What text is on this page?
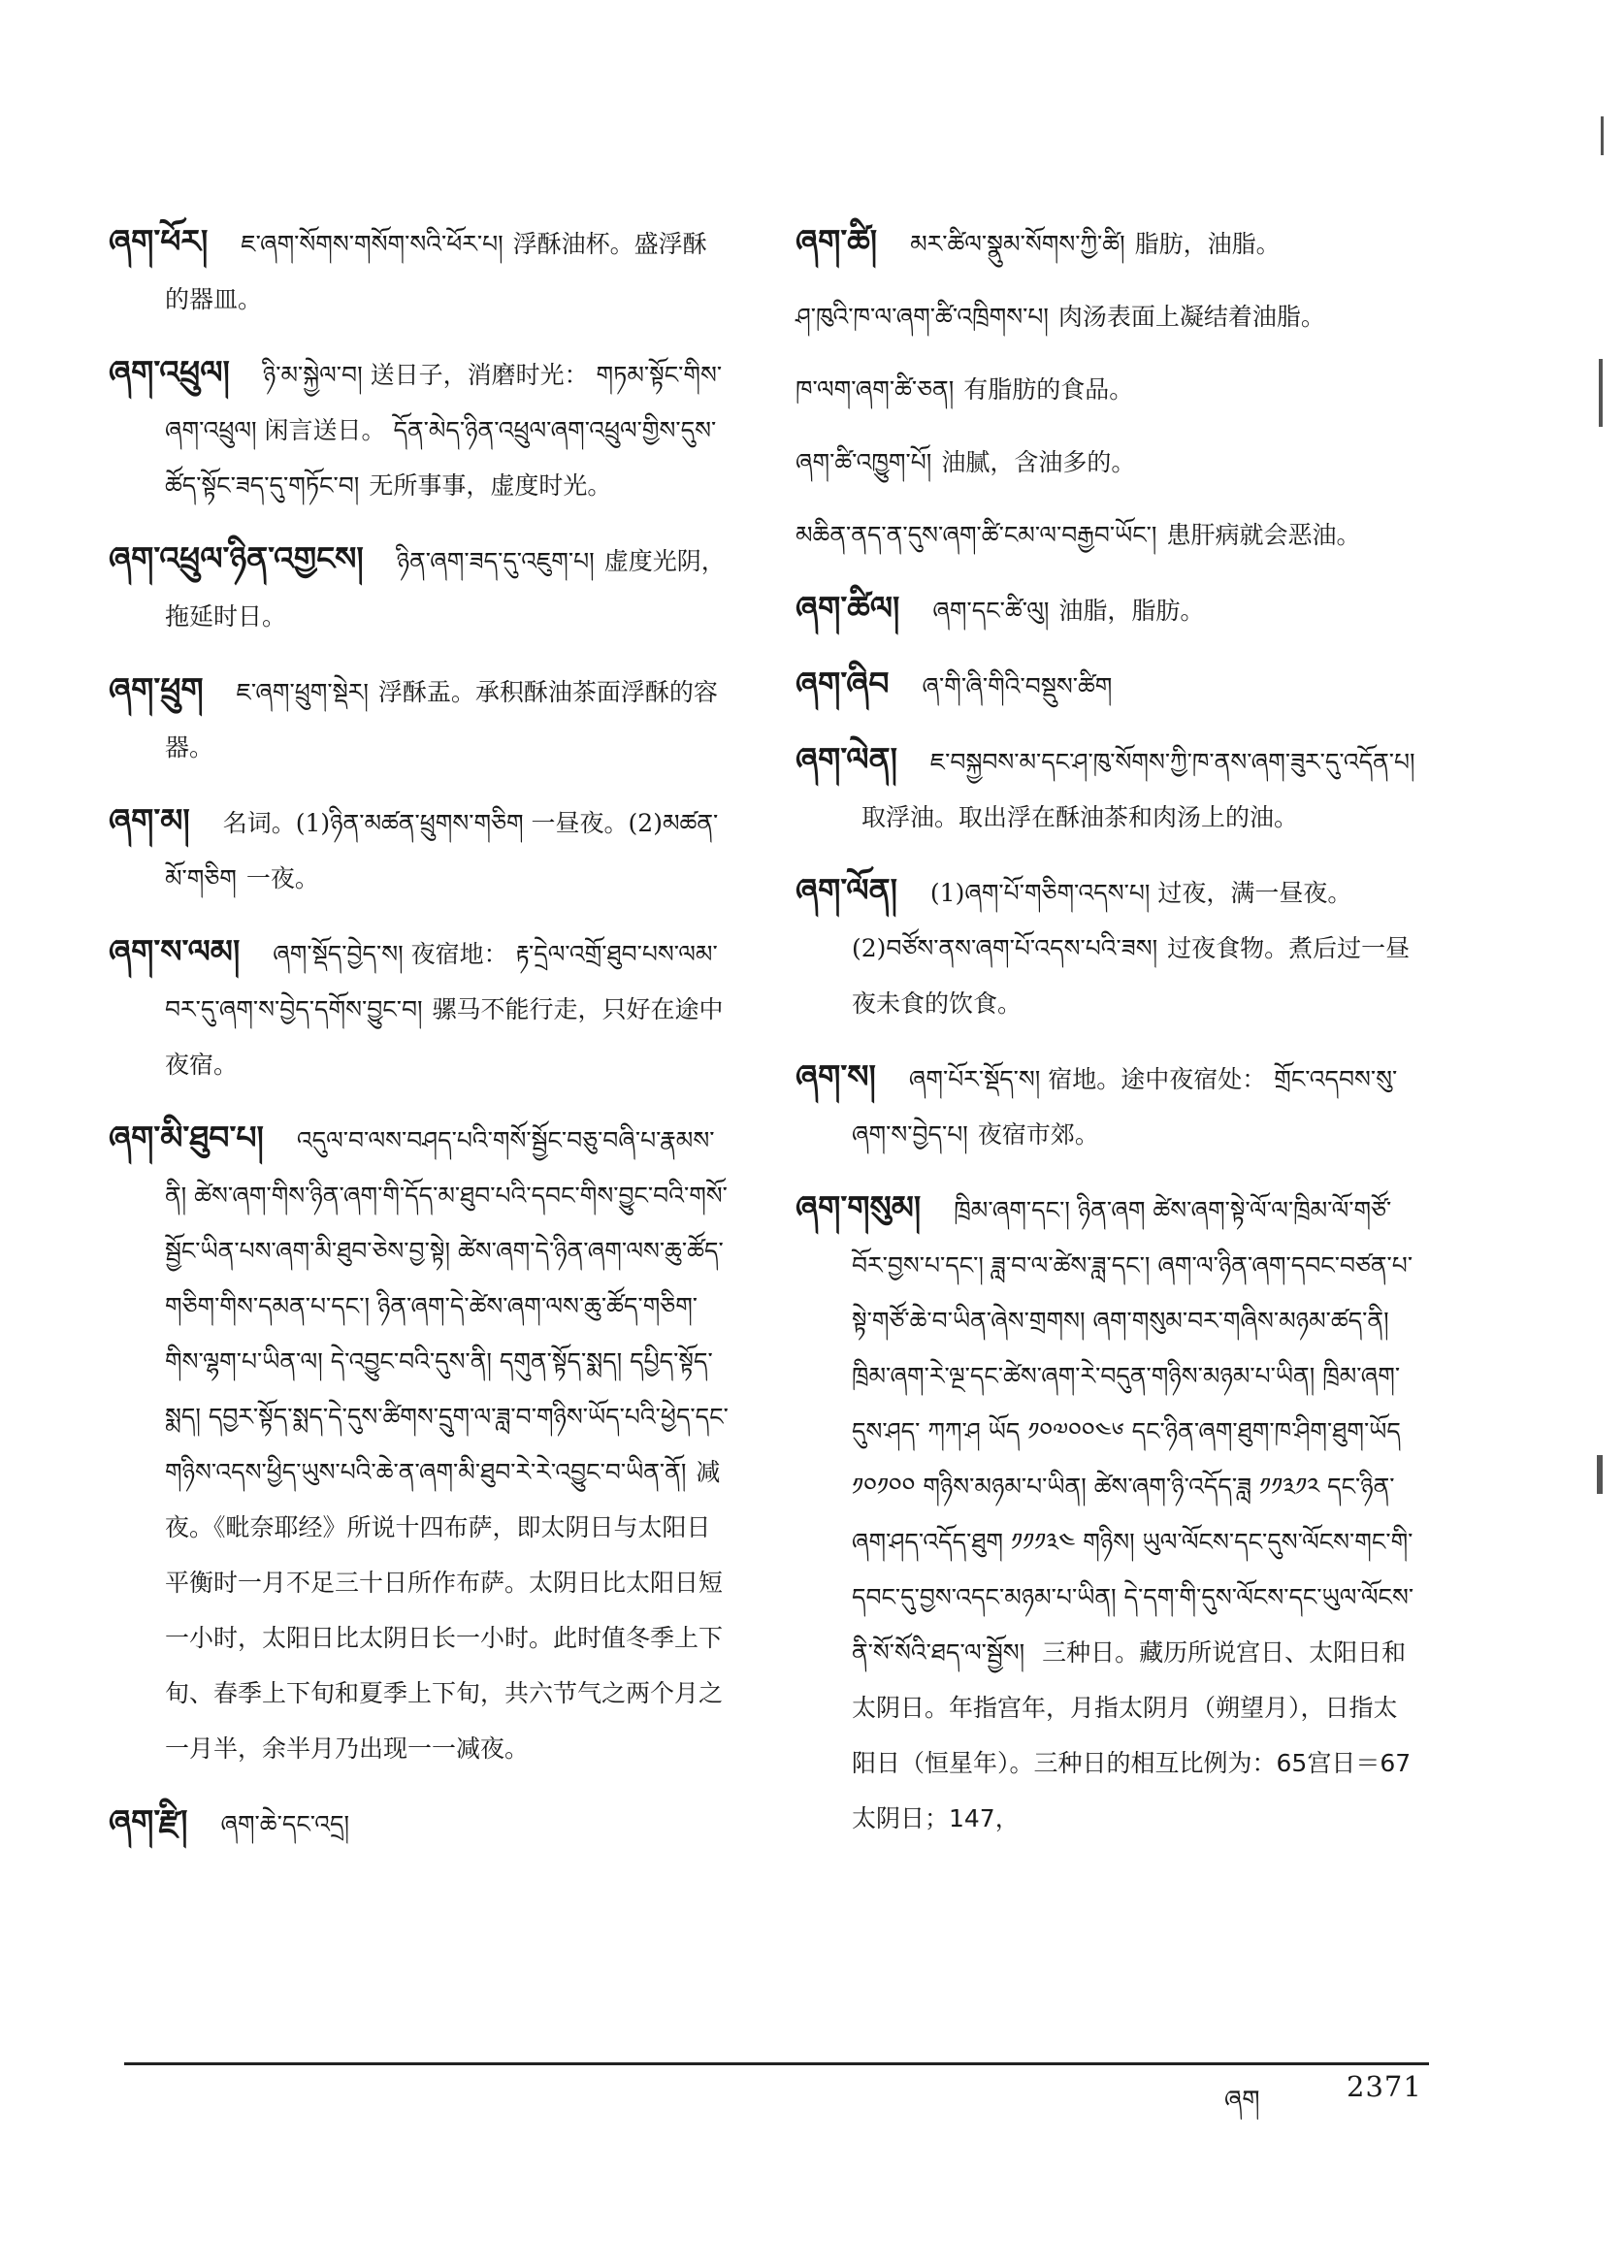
ཞག་ཕོར། ཇ་ཞག་སོགས་གསོག་སའི་ཕོར་པ། 浮酥油杯。盛浮酥的器皿。
ཞག་འཕྲུལ། ཉི་མ་སྐྱེལ་བ། 送日子，消磨时光： གཏམ་སྟོང་གིས་ཞག་འཕྲུལ། 闲言送日。 དོན་མེད་ཉིན་འཕྲུལ་ཞག་འཕྲུལ་གྱིས་དུས་ཚོད་སྟོང་ཟད་དུ་གཏོང་བ། 无所事事，虚度时光。
ཞག་འཕྲུལ་ཉིན་འགྱངས། ཉིན་ཞག་ཟད་དུ་འཇུག་པ། 虚度光阴，拖延时日。
ཞག་ཕྲུག ཇ་ཞག་ཕྲུག་སྡེར། 浮酥盂。承积酥油茶面浮酥的容器。
ཞག་མ། 名词。(1)ཉིན་མཚན་ཕྲུགས་གཅིག 一昼夜。(2)མཚན་མོ་གཅིག 一夜。
ཞག་ས་ལམ། ཞག་སྡོད་བྱེད་ས། 夜宿地： རྟ་དྲེལ་འགྲོ་ཐུབ་པས་ལམ་བར་དུ་ཞག་ས་བྱེད་དགོས་བྱུང་བ། 骡马不能行走，只好在途中夜宿。
ཞག་མི་ཐུབ་པ། འདུལ་བ་ལས་བཤད་པའི་གསོ་སྦྱོང་བཅུ་བཞི་པ་རྣམས་ནི། ཚེས་ཞག་གིས་ཉིན་ཞག་གི་དོད་མ་ཐུབ་པའི་དབང་གིས་བྱུང་བའི་གསོ་སྦྱོང་ཡིན་པས་ཞག་མི་ཐུབ་ཅེས་བྱ་སྟེ། ཚེས་ཞག་དེ་ཉིན་ཞག་ལས་ཆུ་ཚོད་གཅིག་གིས་དམན་པ་དང་། ཉིན་ཞག་དེ་ཚེས་ཞག་ལས་ཆུ་ཚོད་གཅིག་གིས་ལྷག་པ་ཡིན་ལ། དེ་འབྱུང་བའི་དུས་ནི། དགུན་སྟོད་སྨད། དཔྱིད་སྟོད་སྨད། དབྱར་སྟོད་སྨད་དེ་དུས་ཚིགས་དྲུག་ལ་ཟླ་བ་གཉིས་ཡོད་པའི་ཕྱེད་དང་གཉིས་འདས་ཕྱིད་ཡུས་པའི་ཆེ་ན་ཞག་མི་ཐུབ་རེ་རེ་འབྱུང་བ་ཡིན་ནོ། 减夜。《毗奈耶经》所说十四布萨，即太阴日与太阳日平衡时一月不足三十日所作布萨。太阴日比太阳日短一小时，太阳日比太阴日长一小时。此时值冬季上下旬、春季上下旬和夏季上下旬，共六节气之两个月之一月半，余半月乃出现一一减夜。
ཞག་རྫི། ཞག་ཆེ་དང་འདྲ།
ཞག་ཚི། མར་ཚིལ་སྣུམ་སོགས་ཀྱི་ཚི། 脂肪，油脂。
ཤ་ཁུའི་ཁ་ལ་ཞག་ཚི་འཁྲིགས་པ། 肉汤表面上凝结着油脂。
ཁ་ལག་ཞག་ཚི་ཅན། 有脂肪的食品。
ཞག་ཚི་འཁྱུག་པོ། 油腻，含油多的。
མཆིན་ནད་ན་དུས་ཞག་ཚི་ངམ་ལ་བརྒྱབ་ཡོང་། 患肝病就会恶油。
ཞག་ཚིལ། ཞག་དང་ཚི་ལུ། 油脂，脂肪。
ཞག་ཞིབ ཞ་གི་ཞི་གིའི་བསྡུས་ཚིག
ཞག་ལེན། ཇ་བསྐྱབས་མ་དང་ཤ་ཁུ་སོགས་ཀྱི་ཁ་ནས་ཞག་ཟུར་དུ་འདོན་པ།取浮油。取出浮在酥油茶和肉汤上的油。
ཞག་ལོན། (1)ཞག་པོ་གཅིག་འདས་པ། 过夜，满一昼夜。(2)བཙོས་ནས་ཞག་པོ་འདས་པའི་ཟས། 过夜食物。煮后过一昼夜未食的饮食。
ཞག་ས། ཞག་པོར་སྡོད་ས། 宿地。途中夜宿处： གྲོང་འདབས་སུ་ཞག་ས་བྱེད་པ། 夜宿市郊。
ཞག་གསུམ། ཁྲིམ་ཞག་དང་། ཉིན་ཞག ཚེས་ཞག་སྟེ་ལོ་ལ་ཁྲིམ་ལོ་གཙོ་བོར་བྱས་པ་དང་། ཟླ་བ་ལ་ཚེས་ཟླ་དང་། ཞག་ལ་ཉིན་ཞག་དབང་བཙན་པ་སྟེ་གཙོ་ཆེ་བ་ཡིན་ཞེས་གྲགས། ཞག་གསུམ་བར་གཞིས་མཉམ་ཚད་ནི། ཁྲིམ་ཞག་རེ་ལྔ་དང་ཚེས་ཞག་རེ་བདུན་གཉིས་མཉམ་པ་ཡིན། ཁྲིམ་ཞག་དུས་ཤད་ ཀཀ་ཤ ཡོད ༡༠༧༠༠༤༦ དང་ཉིན་ཞག་ཐུག་ཁ་ཤིག་ཐུག་ཡོད ༡༠༡༠༠ གཉིས་མཉམ་པ་ཡིན། ཚེས་ཞག་ཉི་འདོད་ཟླ ༡༡༣༡༢ དང་ཉིན་ཞག་ཤད་འདོད་ཐུག ༡༡༡༣༤ གཉིས། ཡུལ་ལོངས་དང་དུས་ལོངས་གང་གི་དབང་དུ་བྱས་འདང་མཉམ་པ་ཡིན། དེ་དག་གི་དུས་ལོངས་དང་ཡུལ་ལོངས་ནི་སོ་སོའི་ཐད་ལ་སྦྱོས། 三种日。藏历所说宫日、太阳日和太阴日。年指宫年，月指太阴月（朔望月），日指太阳日（恒星年）。三种日的相互比例为：65宫日＝67太阴日；147，
ཞག	2371
